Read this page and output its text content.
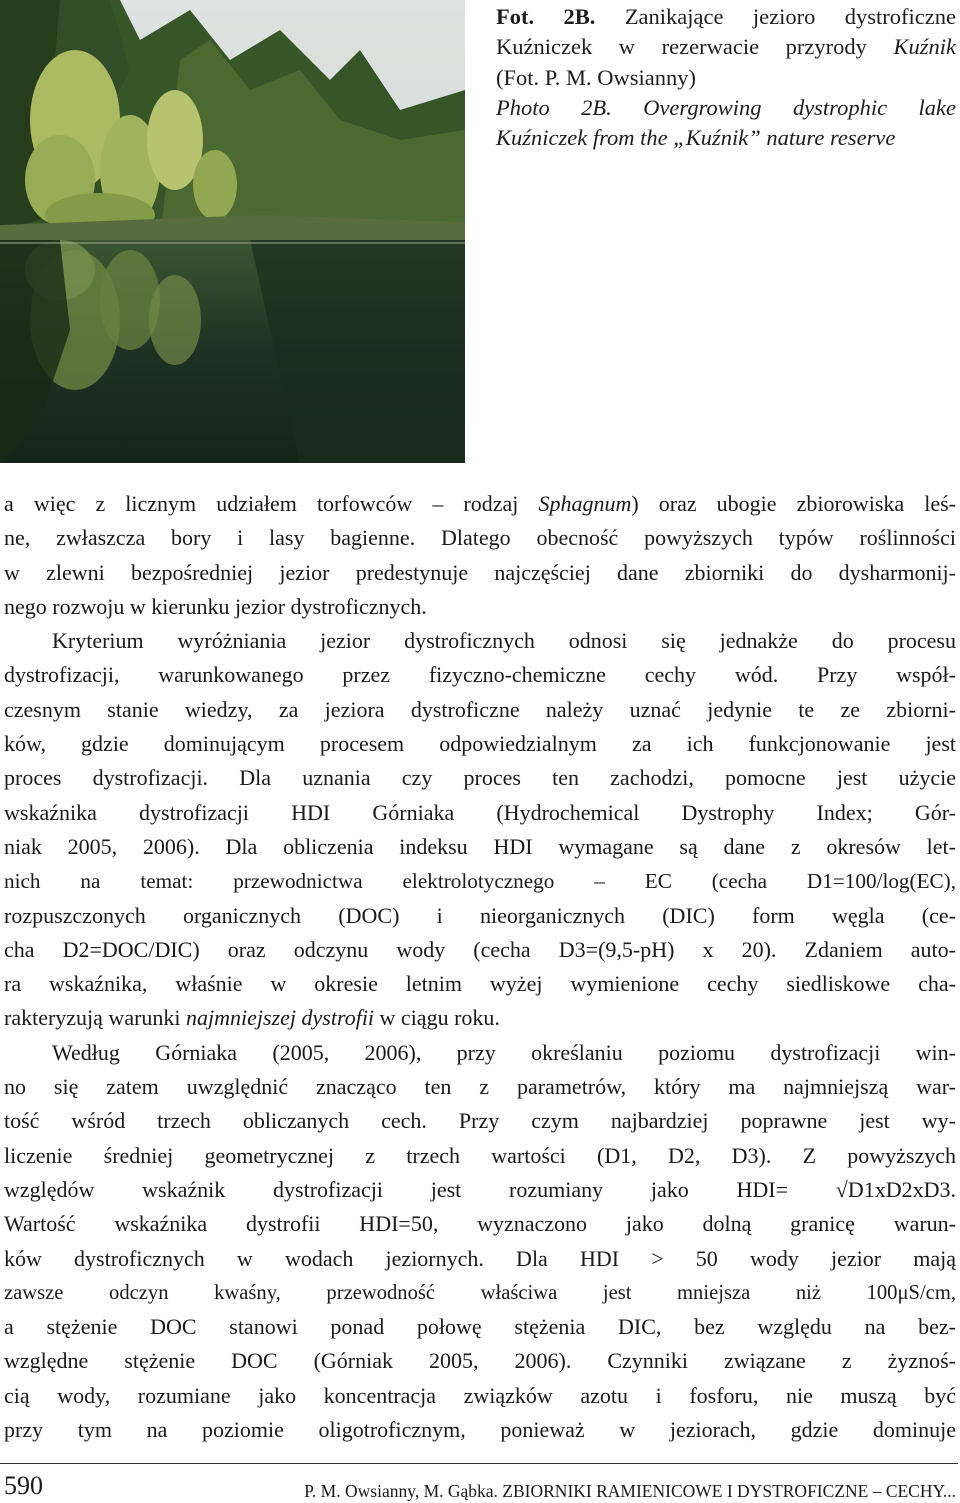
Fot. 2B. Zanikające jezioro dystroficzne
Kuźniczek w rezerwacie przyrody Kuźnik
(Fot. P. M. Owsianny)
Photo 2B. Overgrowing dystrophic lake
Kuźniczek from the „Kuźnik” nature reserve
a więc z licznym udziałem torfowców – rodzaj Sphagnum) oraz ubogie zbiorowiska leś-
ne, zwłaszcza bory i lasy bagienne. Dlatego obecność powyższych typów roślinności
w zlewni bezpośredniej jezior predestynuje najczęściej dane zbiorniki do dysharmonij-
nego rozwoju w kierunku jezior dystroficznych.
Kryterium wyróżniania jezior dystroficznych odnosi się jednakże do procesu
dystrofizacji, warunkowanego przez fizyczno-chemiczne cechy wód. Przy współ-
czesnym stanie wiedzy, za jeziora dystroficzne należy uznać jedynie te ze zbiorni-
ków, gdzie dominującym procesem odpowiedzialnym za ich funkcjonowanie jest
proces dystrofizacji. Dla uznania czy proces ten zachodzi, pomocne jest użycie
wskaźnika dystrofizacji HDI Górniaka (Hydrochemical Dystrophy Index; Gór-
niak 2005, 2006). Dla obliczenia indeksu HDI wymagane są dane z okresów let-
nich na temat: przewodnictwa elektrolotycznego – EC (cecha D1=100/log(EC),
rozpuszczonych organicznych (DOC) i nieorganicznych (DIC) form węgla (ce-
cha D2=DOC/DIC) oraz odczynu wody (cecha D3=(9,5-pH) x 20). Zdaniem auto-
ra wskaźnika, właśnie w okresie letnim wyżej wymienione cechy siedliskowe cha-
rakteryzują warunki najmniejszej dystrofii w ciągu roku.
Według Górniaka (2005, 2006), przy określaniu poziomu dystrofizacji win-
no się zatem uwzględnić znacząco ten z parametrów, który ma najmniejszą war-
tość wśród trzech obliczanych cech. Przy czym najbardziej poprawne jest wy-
liczenie średniej geometrycznej z trzech wartości (D1, D2, D3). Z powyższych
względów wskaźnik dystrofizacji jest rozumiany jako HDI= √D1xD2xD3.
Wartość wskaźnika dystrofii HDI=50, wyznaczono jako dolną granicę warun-
ków dystroficznych w wodach jeziornych. Dla HDI > 50 wody jezior mają
zawsze odczyn kwaśny, przewodność właściwa jest mniejsza niż 100μS/cm,
a stężenie DOC stanowi ponad połowę stężenia DIC, bez względu na bez-
względne stężenie DOC (Górniak 2005, 2006). Czynniki związane z żyznoś-
cią wody, rozumiane jako koncentracja związków azotu i fosforu, nie muszą być
przy tym na poziomie oligotroficznym, ponieważ w jeziorach, gdzie dominuje
590	P. M. Owsianny, M. Gąbka. ZBIORNIKI RAMIENICOWE I DYSTROFICZNE – CECHY...
